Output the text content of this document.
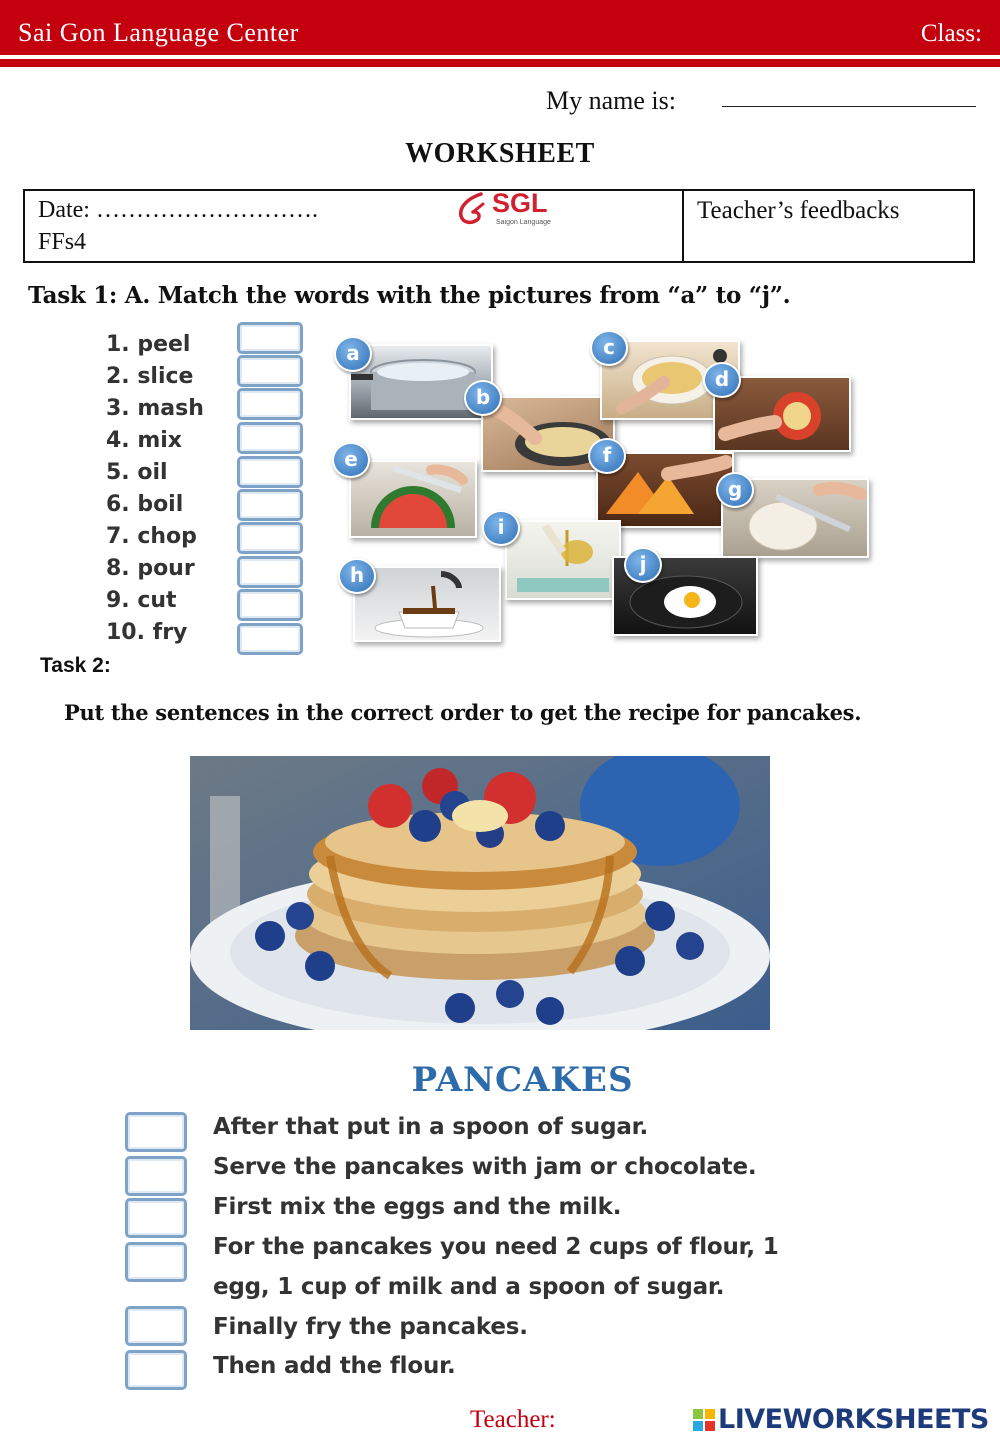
Sai Gon Language Center	Class:
My name is:
WORKSHEET
Date: ……………………….
FFs4
Teacher’s feedbacks
SGL
Saigon Language
Task 1: A. Match the words with the pictures from “a” to “j”.
1. peel
2. slice
3. mash
4. mix
5. oil
6. boil
7. chop
8. pour
9. cut
10. fry
a
b
c
d
e	f
g
h
i
j
Task 2:
Put the sentences in the correct order to get the recipe for pancakes.
PANCAKES
After that put in a spoon of sugar.
Serve the pancakes with jam or chocolate.
First mix the eggs and the milk.
For the pancakes you need 2 cups of flour, 1
egg, 1 cup of milk and a spoon of sugar.
Finally fry the pancakes.
Then add the flour.
Teacher:	LIVEWORKSHEETS
